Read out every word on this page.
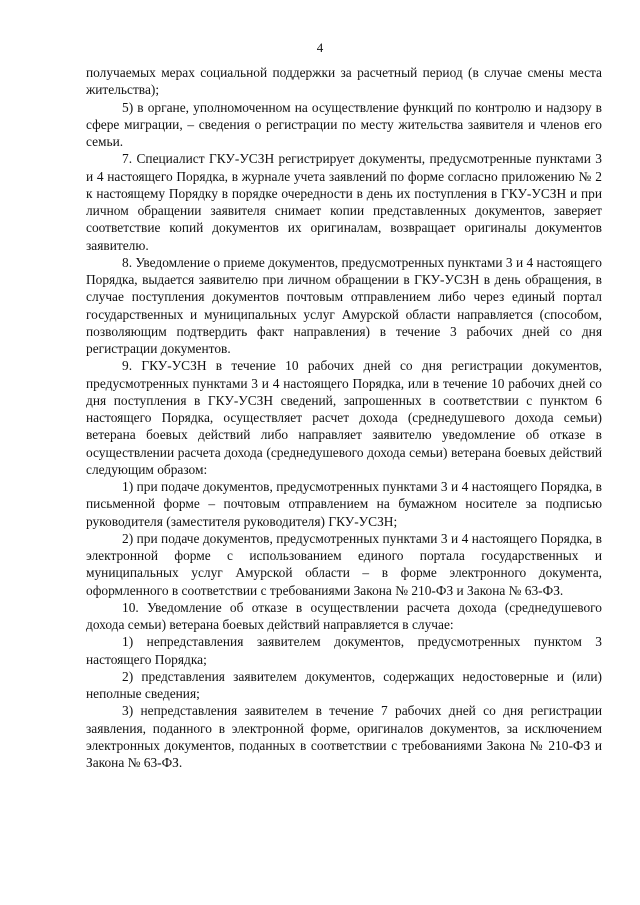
4

получаемых мерах социальной поддержки за расчетный период (в случае смены места жительства);

5) в органе, уполномоченном на осуществление функций по контролю и надзору в сфере миграции, – сведения о регистрации по месту жительства заявителя и членов его семьи.

7. Специалист ГКУ-УСЗН регистрирует документы, предусмотренные пунктами 3 и 4 настоящего Порядка, в журнале учета заявлений по форме согласно приложению № 2 к настоящему Порядку в порядке очередности в день их поступления в ГКУ-УСЗН и при личном обращении заявителя снимает копии представленных документов, заверяет соответствие копий документов их оригиналам, возвращает оригиналы документов заявителю.

8. Уведомление о приеме документов, предусмотренных пунктами 3 и 4 настоящего Порядка, выдается заявителю при личном обращении в ГКУ-УСЗН в день обращения, в случае поступления документов почтовым отправлением либо через единый портал государственных и муниципальных услуг Амурской области направляется (способом, позволяющим подтвердить факт направления) в течение 3 рабочих дней со дня регистрации документов.

9. ГКУ-УСЗН в течение 10 рабочих дней со дня регистрации документов, предусмотренных пунктами 3 и 4 настоящего Порядка, или в течение 10 рабочих дней со дня поступления в ГКУ-УСЗН сведений, запрошенных в соответствии с пунктом 6 настоящего Порядка, осуществляет расчет дохода (среднедушевого дохода семьи) ветерана боевых действий либо направляет заявителю уведомление об отказе в осуществлении расчета дохода (среднедушевого дохода семьи) ветерана боевых действий следующим образом:

1) при подаче документов, предусмотренных пунктами 3 и 4 настоящего Порядка, в письменной форме – почтовым отправлением на бумажном носителе за подписью руководителя (заместителя руководителя) ГКУ-УСЗН;

2) при подаче документов, предусмотренных пунктами 3 и 4 настоящего Порядка, в электронной форме с использованием единого портала государственных и муниципальных услуг Амурской области – в форме электронного документа, оформленного в соответствии с требованиями Закона № 210-ФЗ и Закона № 63-ФЗ.

10. Уведомление об отказе в осуществлении расчета дохода (среднедушевого дохода семьи) ветерана боевых действий направляется в случае:

1) непредставления заявителем документов, предусмотренных пунктом 3 настоящего Порядка;

2) представления заявителем документов, содержащих недостоверные и (или) неполные сведения;

3) непредставления заявителем в течение 7 рабочих дней со дня регистрации заявления, поданного в электронной форме, оригиналов документов, за исключением электронных документов, поданных в соответствии с требованиями Закона № 210-ФЗ и Закона № 63-ФЗ.
